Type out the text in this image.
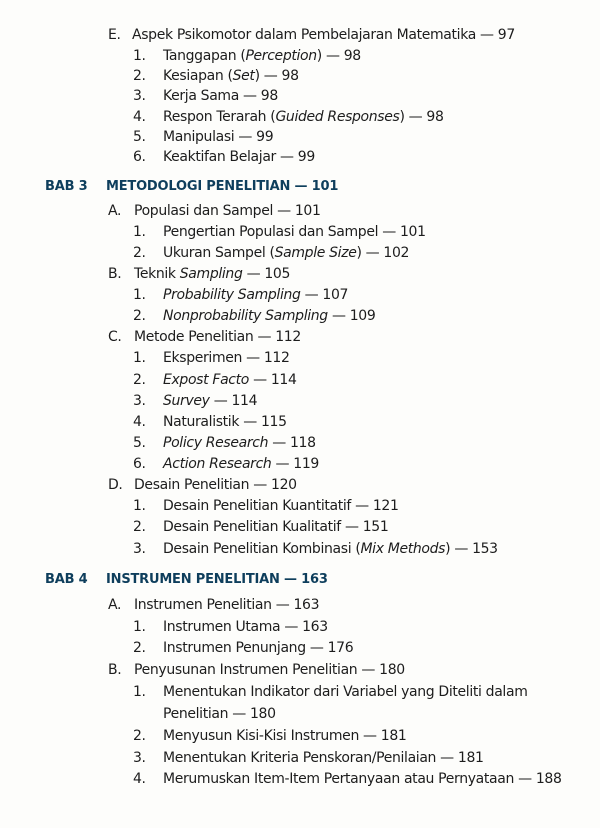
E. Aspek Psikomotor dalam Pembelajaran Matematika — 97
1. Tanggapan (Perception) — 98
2. Kesiapan (Set) — 98
3. Kerja Sama — 98
4. Respon Terarah (Guided Responses) — 98
5. Manipulasi — 99
6. Keaktifan Belajar — 99
BAB 3 METODOLOGI PENELITIAN — 101
A. Populasi dan Sampel — 101
1. Pengertian Populasi dan Sampel — 101
2. Ukuran Sampel (Sample Size) — 102
B. Teknik Sampling — 105
1. Probability Sampling — 107
2. Nonprobability Sampling — 109
C. Metode Penelitian — 112
1. Eksperimen — 112
2. Expost Facto — 114
3. Survey — 114
4. Naturalistik — 115
5. Policy Research — 118
6. Action Research — 119
D. Desain Penelitian — 120
1. Desain Penelitian Kuantitatif — 121
2. Desain Penelitian Kualitatif — 151
3. Desain Penelitian Kombinasi (Mix Methods) — 153
BAB 4 INSTRUMEN PENELITIAN — 163
A. Instrumen Penelitian — 163
1. Instrumen Utama — 163
2. Instrumen Penunjang — 176
B. Penyusunan Instrumen Penelitian — 180
1. Menentukan Indikator dari Variabel yang Diteliti dalam
Penelitian — 180
2. Menyusun Kisi-Kisi Instrumen — 181
3. Menentukan Kriteria Penskoran/Penilaian — 181
4. Merumuskan Item-Item Pertanyaan atau Pernyataan — 188
